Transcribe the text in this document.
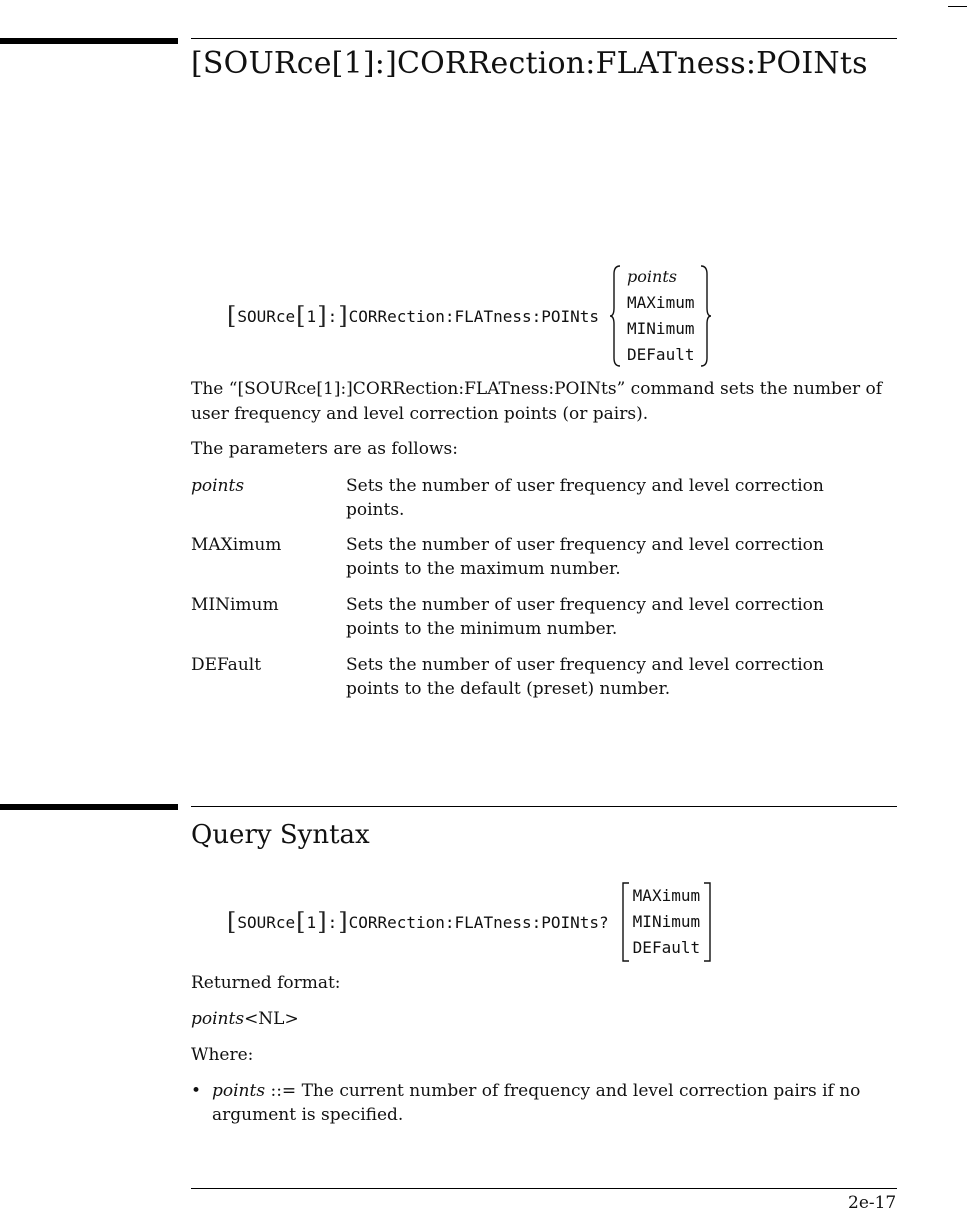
[SOURce[1]:]CORRection:FLATness:POINts
[ SOURce [ 1 ] : ] CORRection:FLATness:POINts
points
MAXimum
MINimum
DEFault
The “[SOURce[1]:]CORRection:FLATness:POINts” command sets the number of user frequency and level correction points (or pairs).
The parameters are as follows:
points	Sets the number of user frequency and level correction points.
MAXimum	Sets the number of user frequency and level correction points to the maximum number.
MINimum	Sets the number of user frequency and level correction points to the minimum number.
DEFault	Sets the number of user frequency and level correction points to the default (preset) number.
Query Syntax
[ SOURce [ 1 ] : ] CORRection:FLATness:POINts?
MAXimum
MINimum
DEFault
Returned format:
points<NL>
Where:
• points ::= The current number of frequency and level correction pairs if no argument is specified.
2e-17
